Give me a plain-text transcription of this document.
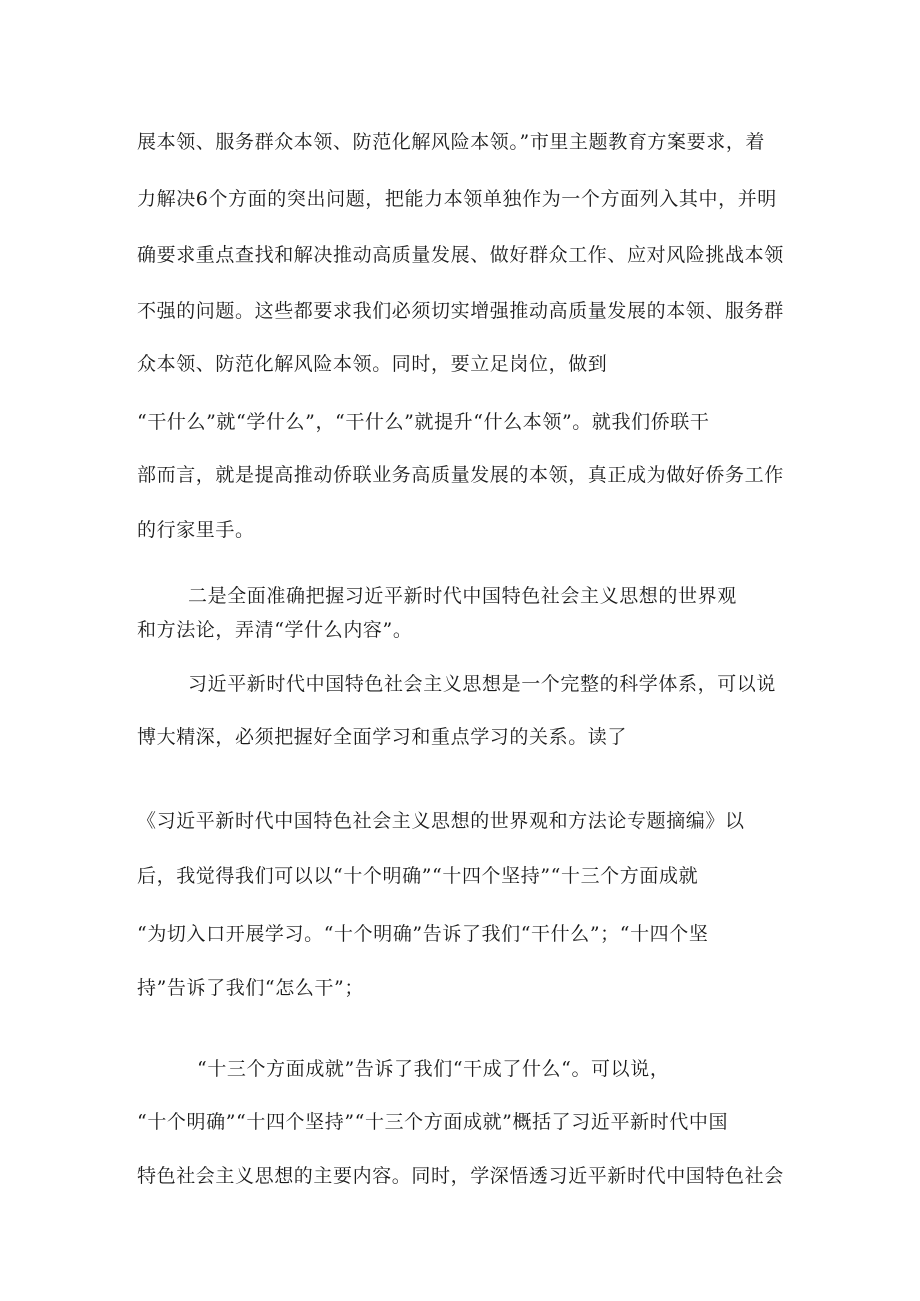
展本领、服务群众本领、防范化解风险本领。”市里主题教育方案要求，着
力解决6个方面的突出问题，把能力本领单独作为一个方面列入其中，并明
确要求重点查找和解决推动高质量发展、做好群众工作、应对风险挑战本领
不强的问题。这些都要求我们必须切实增强推动高质量发展的本领、服务群
众本领、防范化解风险本领。同时，要立足岗位，做到
“干什么”就“学什么”，“干什么”就提升“什么本领”。就我们侨联干
部而言，就是提高推动侨联业务高质量发展的本领，真正成为做好侨务工作
的行家里手。
二是全面准确把握习近平新时代中国特色社会主义思想的世界观
和方法论，弄清“学什么内容”。
习近平新时代中国特色社会主义思想是一个完整的科学体系，可以说
博大精深，必须把握好全面学习和重点学习的关系。读了
《习近平新时代中国特色社会主义思想的世界观和方法论专题摘编》以
后，我觉得我们可以以“十个明确”“十四个坚持”“十三个方面成就
“为切入口开展学习。“十个明确”告诉了我们“干什么”；“十四个坚
持”告诉了我们“怎么干”；
“十三个方面成就”告诉了我们“干成了什么“。可以说，
“十个明确”“十四个坚持”“十三个方面成就”概括了习近平新时代中国
特色社会主义思想的主要内容。同时，学深悟透习近平新时代中国特色社会
